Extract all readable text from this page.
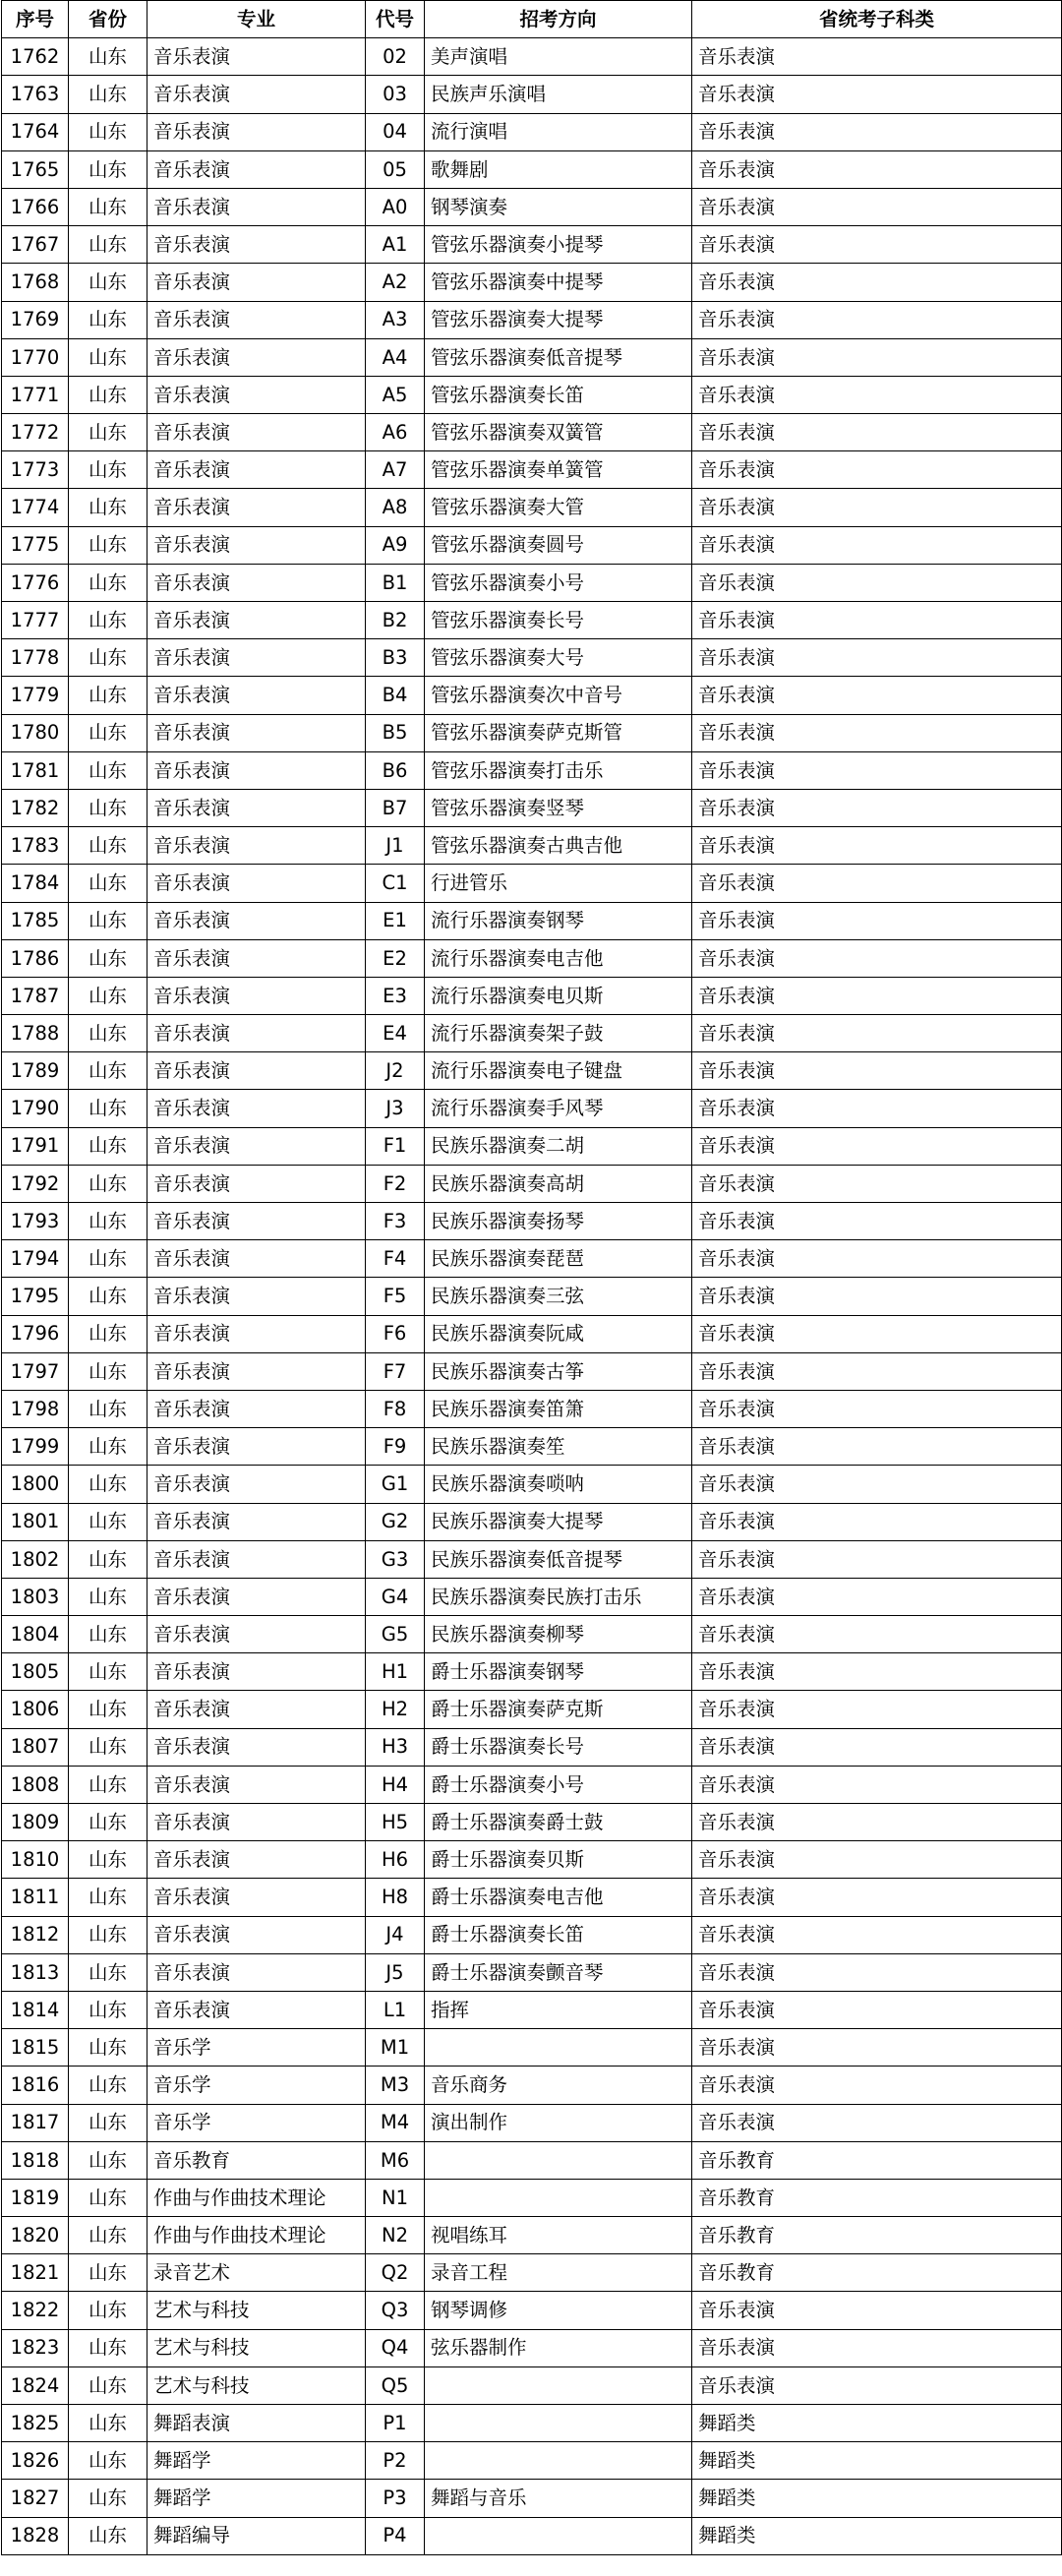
序号	省份	专业	代号	招考方向	省统考子科类
1762	山东	音乐表演	02	美声演唱	音乐表演
1763	山东	音乐表演	03	民族声乐演唱	音乐表演
1764	山东	音乐表演	04	流行演唱	音乐表演
1765	山东	音乐表演	05	歌舞剧	音乐表演
1766	山东	音乐表演	A0	钢琴演奏	音乐表演
1767	山东	音乐表演	A1	管弦乐器演奏小提琴	音乐表演
1768	山东	音乐表演	A2	管弦乐器演奏中提琴	音乐表演
1769	山东	音乐表演	A3	管弦乐器演奏大提琴	音乐表演
1770	山东	音乐表演	A4	管弦乐器演奏低音提琴	音乐表演
1771	山东	音乐表演	A5	管弦乐器演奏长笛	音乐表演
1772	山东	音乐表演	A6	管弦乐器演奏双簧管	音乐表演
1773	山东	音乐表演	A7	管弦乐器演奏单簧管	音乐表演
1774	山东	音乐表演	A8	管弦乐器演奏大管	音乐表演
1775	山东	音乐表演	A9	管弦乐器演奏圆号	音乐表演
1776	山东	音乐表演	B1	管弦乐器演奏小号	音乐表演
1777	山东	音乐表演	B2	管弦乐器演奏长号	音乐表演
1778	山东	音乐表演	B3	管弦乐器演奏大号	音乐表演
1779	山东	音乐表演	B4	管弦乐器演奏次中音号	音乐表演
1780	山东	音乐表演	B5	管弦乐器演奏萨克斯管	音乐表演
1781	山东	音乐表演	B6	管弦乐器演奏打击乐	音乐表演
1782	山东	音乐表演	B7	管弦乐器演奏竖琴	音乐表演
1783	山东	音乐表演	J1	管弦乐器演奏古典吉他	音乐表演
1784	山东	音乐表演	C1	行进管乐	音乐表演
1785	山东	音乐表演	E1	流行乐器演奏钢琴	音乐表演
1786	山东	音乐表演	E2	流行乐器演奏电吉他	音乐表演
1787	山东	音乐表演	E3	流行乐器演奏电贝斯	音乐表演
1788	山东	音乐表演	E4	流行乐器演奏架子鼓	音乐表演
1789	山东	音乐表演	J2	流行乐器演奏电子键盘	音乐表演
1790	山东	音乐表演	J3	流行乐器演奏手风琴	音乐表演
1791	山东	音乐表演	F1	民族乐器演奏二胡	音乐表演
1792	山东	音乐表演	F2	民族乐器演奏高胡	音乐表演
1793	山东	音乐表演	F3	民族乐器演奏扬琴	音乐表演
1794	山东	音乐表演	F4	民族乐器演奏琵琶	音乐表演
1795	山东	音乐表演	F5	民族乐器演奏三弦	音乐表演
1796	山东	音乐表演	F6	民族乐器演奏阮咸	音乐表演
1797	山东	音乐表演	F7	民族乐器演奏古筝	音乐表演
1798	山东	音乐表演	F8	民族乐器演奏笛箫	音乐表演
1799	山东	音乐表演	F9	民族乐器演奏笙	音乐表演
1800	山东	音乐表演	G1	民族乐器演奏唢呐	音乐表演
1801	山东	音乐表演	G2	民族乐器演奏大提琴	音乐表演
1802	山东	音乐表演	G3	民族乐器演奏低音提琴	音乐表演
1803	山东	音乐表演	G4	民族乐器演奏民族打击乐	音乐表演
1804	山东	音乐表演	G5	民族乐器演奏柳琴	音乐表演
1805	山东	音乐表演	H1	爵士乐器演奏钢琴	音乐表演
1806	山东	音乐表演	H2	爵士乐器演奏萨克斯	音乐表演
1807	山东	音乐表演	H3	爵士乐器演奏长号	音乐表演
1808	山东	音乐表演	H4	爵士乐器演奏小号	音乐表演
1809	山东	音乐表演	H5	爵士乐器演奏爵士鼓	音乐表演
1810	山东	音乐表演	H6	爵士乐器演奏贝斯	音乐表演
1811	山东	音乐表演	H8	爵士乐器演奏电吉他	音乐表演
1812	山东	音乐表演	J4	爵士乐器演奏长笛	音乐表演
1813	山东	音乐表演	J5	爵士乐器演奏颤音琴	音乐表演
1814	山东	音乐表演	L1	指挥	音乐表演
1815	山东	音乐学	M1		音乐表演
1816	山东	音乐学	M3	音乐商务	音乐表演
1817	山东	音乐学	M4	演出制作	音乐表演
1818	山东	音乐教育	M6		音乐教育
1819	山东	作曲与作曲技术理论	N1		音乐教育
1820	山东	作曲与作曲技术理论	N2	视唱练耳	音乐教育
1821	山东	录音艺术	Q2	录音工程	音乐教育
1822	山东	艺术与科技	Q3	钢琴调修	音乐表演
1823	山东	艺术与科技	Q4	弦乐器制作	音乐表演
1824	山东	艺术与科技	Q5		音乐表演
1825	山东	舞蹈表演	P1		舞蹈类
1826	山东	舞蹈学	P2		舞蹈类
1827	山东	舞蹈学	P3	舞蹈与音乐	舞蹈类
1828	山东	舞蹈编导	P4		舞蹈类
